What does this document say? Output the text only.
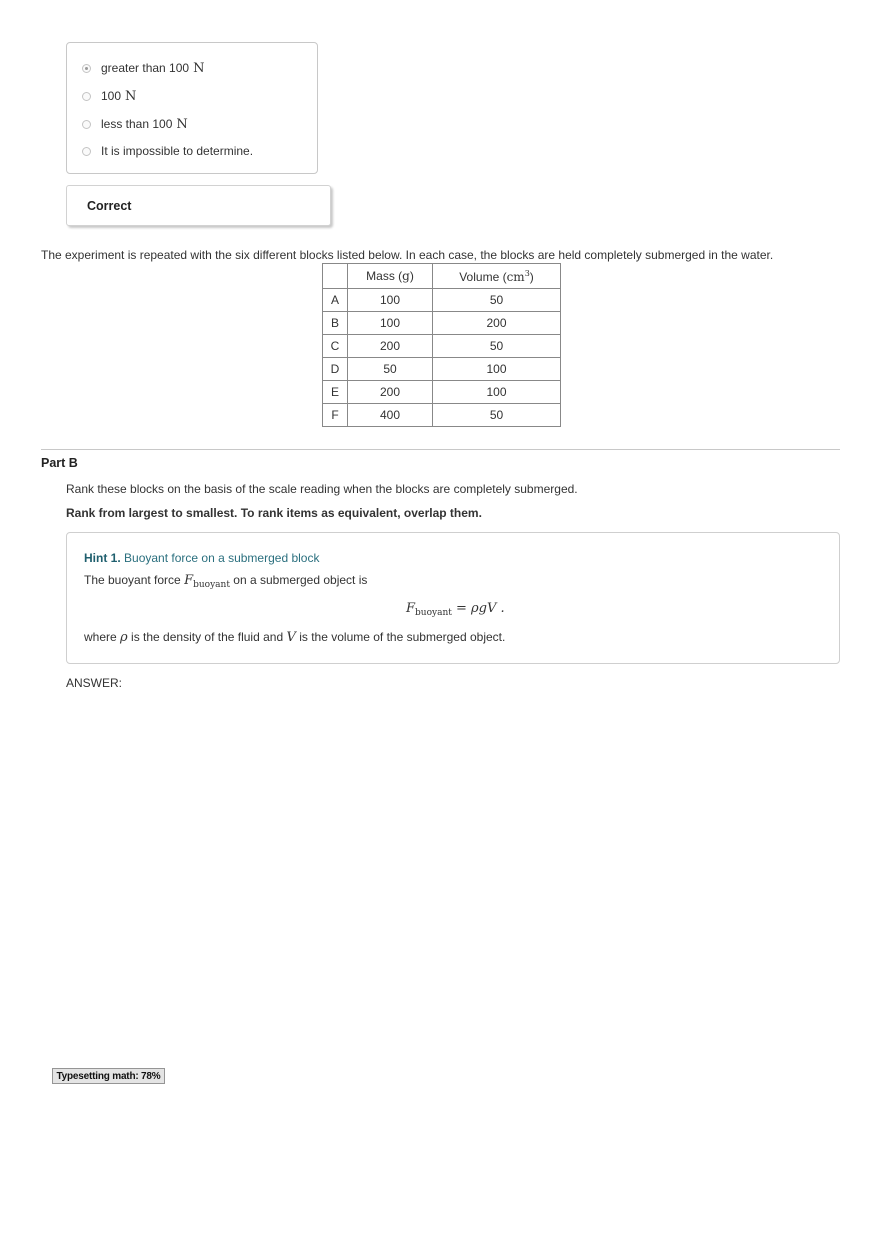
greater than 100 N
100 N
less than 100 N
It is impossible to determine.
Correct
The experiment is repeated with the six different blocks listed below. In each case, the blocks are held completely submerged in the water.
	Mass (g)	Volume $(cm^3)$
A	100	50
B	100	200
C	200	50
D	50	100
E	200	100
F	400	50
Part B
Rank these blocks on the basis of the scale reading when the blocks are completely submerged.
Rank from largest to smallest. To rank items as equivalent, overlap them.
Hint 1. Buoyant force on a submerged block
The buoyant force $F_{buoyant}$ on a submerged object is
$F_{buoyant} = \rho gV$ .
where ρ is the density of the fluid and V is the volume of the submerged object.
ANSWER:
Typesetting math: 78%
